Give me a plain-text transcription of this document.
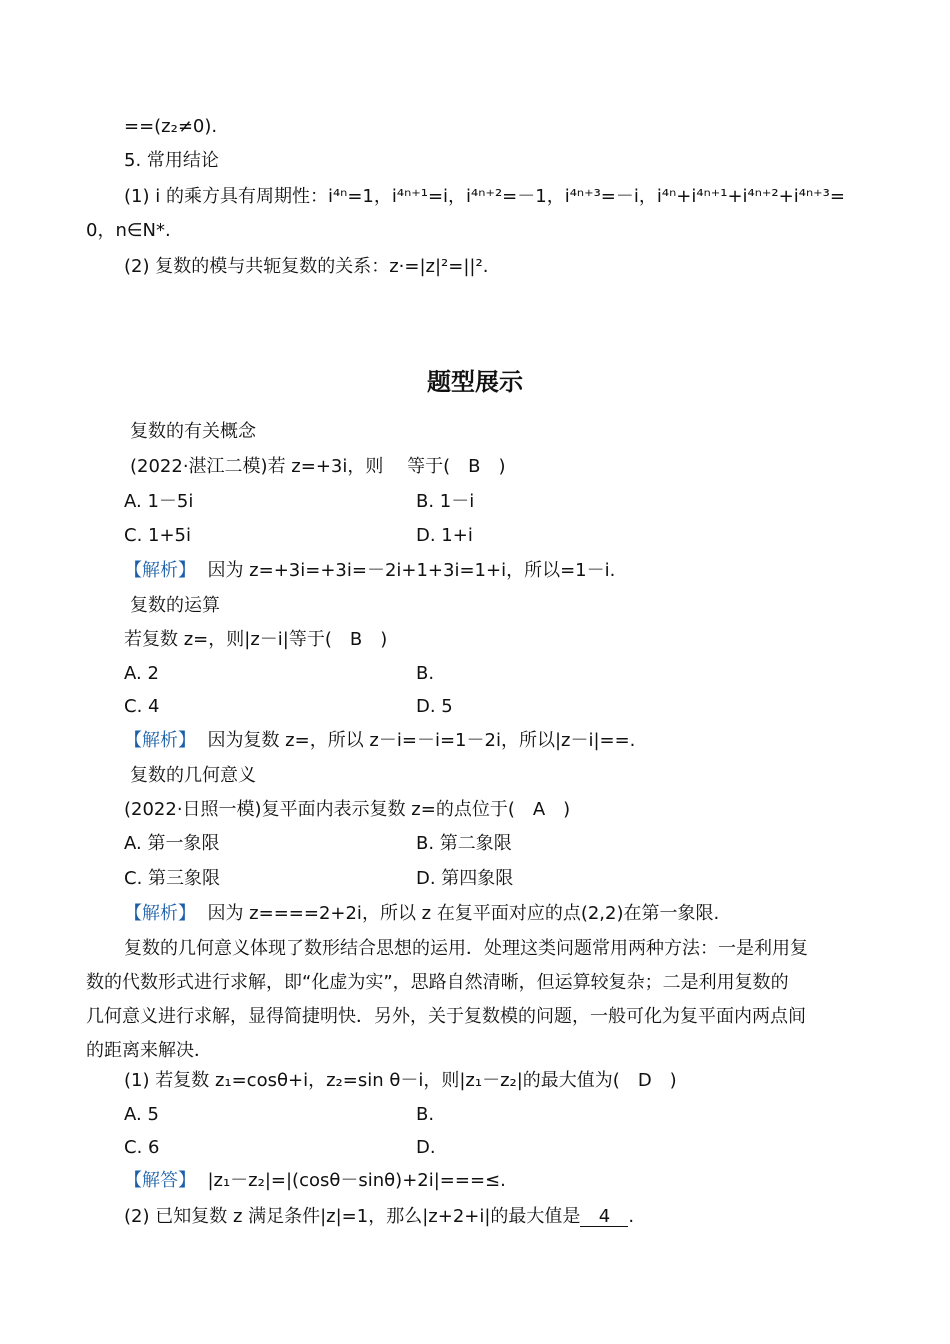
==(z₂≠0).
5. 常用结论
(1) i 的乘方具有周期性：i⁴ⁿ=1，i⁴ⁿ⁺¹=i，i⁴ⁿ⁺²=－1，i⁴ⁿ⁺³=－i，i⁴ⁿ+i⁴ⁿ⁺¹+i⁴ⁿ⁺²+i⁴ⁿ⁺³=
0，n∈N*.
(2) 复数的模与共轭复数的关系：z·=|z|²=||².
题型展示
复数的有关概念
(2022·湛江二模)若 z=+3i，则　 等于(　B　)
A. 1－5i	B. 1－i
C. 1+5i	D. 1+i
【解析】 因为 z=+3i=+3i=－2i+1+3i=1+i，所以=1－i.
复数的运算
若复数 z=，则|z－i|等于(　B　)
A. 2	B.
C. 4	D. 5
【解析】 因为复数 z=，所以 z－i=－i=1－2i，所以|z－i|==.
复数的几何意义
(2022·日照一模)复平面内表示复数 z=的点位于(　A　)
A. 第一象限	B. 第二象限
C. 第三象限	D. 第四象限
【解析】 因为 z====2+2i，所以 z 在复平面对应的点(2,2)在第一象限.
复数的几何意义体现了数形结合思想的运用．处理这类问题常用两种方法：一是利用复
数的代数形式进行求解，即“化虚为实”，思路自然清晰，但运算较复杂；二是利用复数的
几何意义进行求解，显得简捷明快．另外，关于复数模的问题，一般可化为复平面内两点间
的距离来解决．
(1) 若复数 z₁=cosθ+i，z₂=sin θ－i，则|z₁－z₂|的最大值为(　D　)
A. 5	B.
C. 6	D.
【解答】 |z₁－z₂|=|(cosθ－sinθ)+2i|===≤.
(2) 已知复数 z 满足条件|z|=1，那么|z+2+i|的最大值是 4 .
